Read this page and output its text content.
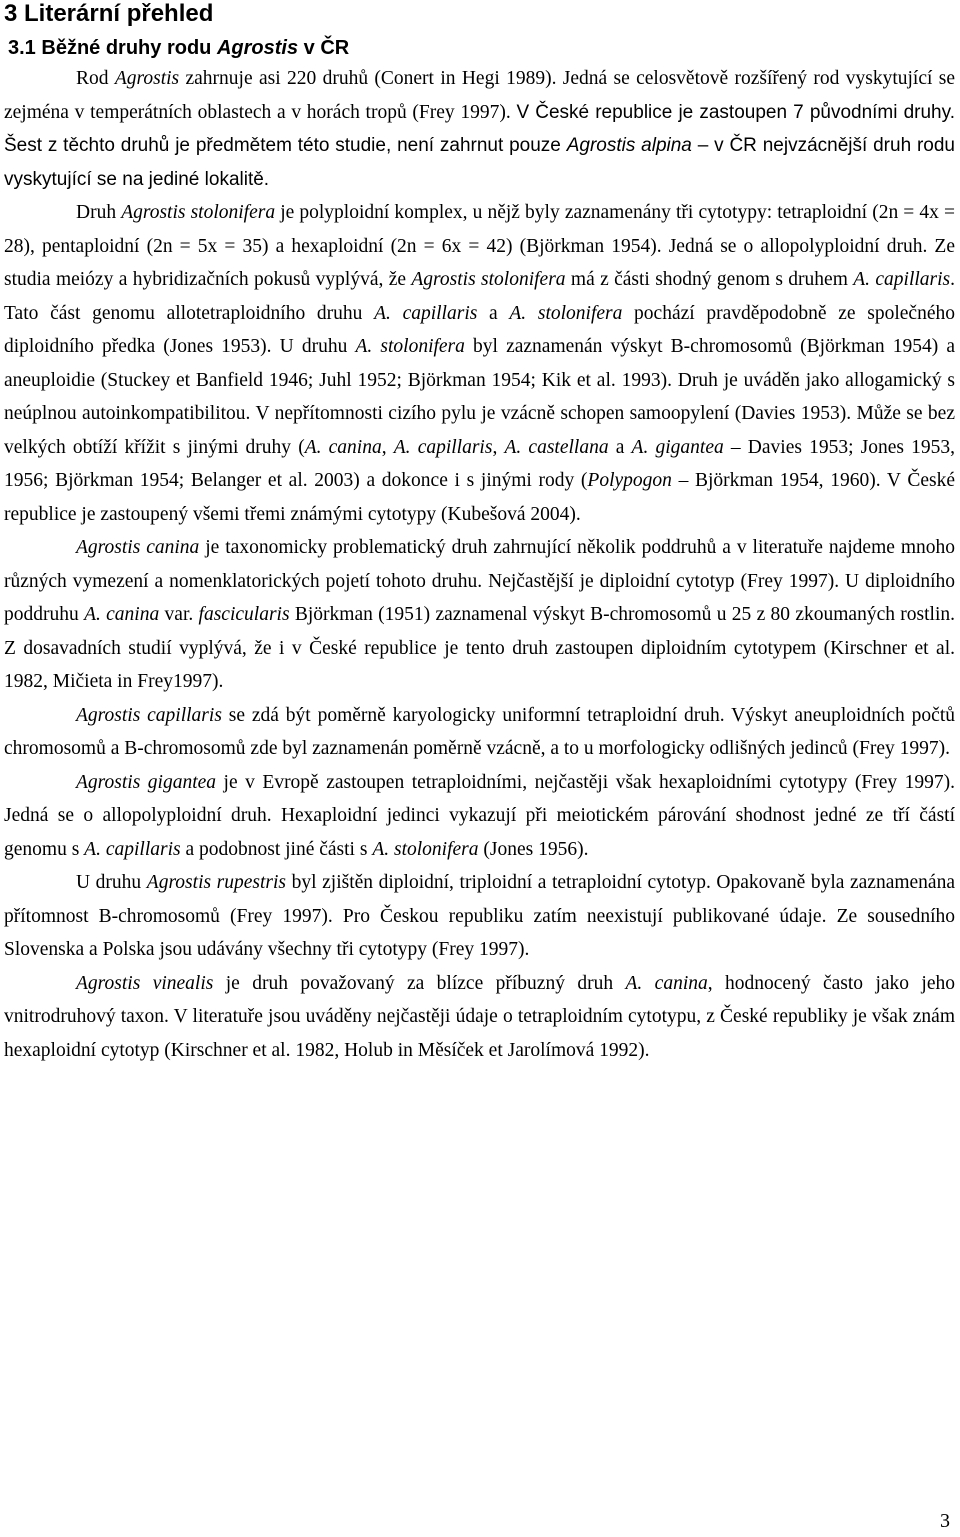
3 Literární přehled
3.1 Běžné druhy rodu Agrostis v ČR

Rod Agrostis zahrnuje asi 220 druhů (Conert in Hegi 1989). Jedná se celosvětově rozšířený rod vyskytující se zejména v temperátních oblastech a v horách tropů (Frey 1997). V České republice je zastoupen 7 původními druhy. Šest z těchto druhů je předmětem této studie, není zahrnut pouze Agrostis alpina – v ČR nejvzácnější druh rodu vyskytující se na jediné lokalitě.

Druh Agrostis stolonifera je polyploidní komplex, u nějž byly zaznamenány tři cytotypy: tetraploidní (2n = 4x = 28), pentaploidní (2n = 5x = 35) a hexaploidní (2n = 6x = 42) (Björkman 1954). Jedná se o allopolyploidní druh. Ze studia meiózy a hybridizačních pokusů vyplývá, že Agrostis stolonifera má z části shodný genom s druhem A. capillaris. Tato část genomu allotetraploidního druhu A. capillaris a A. stolonifera pochází pravděpodobně ze společného diploidního předka (Jones 1953). U druhu A. stolonifera byl zaznamenán výskyt B-chromosomů (Björkman 1954) a aneuploidie (Stuckey et Banfield 1946; Juhl 1952; Björkman 1954; Kik et al. 1993). Druh je uváděn jako allogamický s neúplnou autoinkompatibilitou. V nepřítomnosti cizího pylu je vzácně schopen samoopylení (Davies 1953). Může se bez velkých obtíží křížit s jinými druhy (A. canina, A. capillaris, A. castellana a A. gigantea – Davies 1953; Jones 1953, 1956; Björkman 1954; Belanger et al. 2003) a dokonce i s jinými rody (Polypogon – Björkman 1954, 1960). V České republice je zastoupený všemi třemi známými cytotypy (Kubešová 2004).

Agrostis canina je taxonomicky problematický druh zahrnující několik poddruhů a v literatuře najdeme mnoho různých vymezení a nomenklatorických pojetí tohoto druhu. Nejčastější je diploidní cytotyp (Frey 1997). U diploidního poddruhu A. canina var. fascicularis Björkman (1951) zaznamenal výskyt B-chromosomů u 25 z 80 zkoumaných rostlin. Z dosavadních studií vyplývá, že i v České republice je tento druh zastoupen diploidním cytotypem (Kirschner et al. 1982, Mičieta in Frey1997).

Agrostis capillaris se zdá být poměrně karyologicky uniformní tetraploidní druh. Výskyt aneuploidních počtů chromosomů a B-chromosomů zde byl zaznamenán poměrně vzácně, a to u morfologicky odlišných jedinců (Frey 1997).

Agrostis gigantea je v Evropě zastoupen tetraploidními, nejčastěji však hexaploidními cytotypy (Frey 1997). Jedná se o allopolyploidní druh. Hexaploidní jedinci vykazují při meiotickém párování shodnost jedné ze tří částí genomu s A. capillaris a podobnost jiné části s A. stolonifera (Jones 1956).

U druhu Agrostis rupestris byl zjištěn diploidní, triploidní a tetraploidní cytotyp. Opakovaně byla zaznamenána přítomnost B-chromosomů (Frey 1997). Pro Českou republiku zatím neexistují publikované údaje. Ze sousedního Slovenska a Polska jsou udávány všechny tři cytotypy (Frey 1997).

Agrostis vinealis je druh považovaný za blízce příbuzný druh A. canina, hodnocený často jako jeho vnitrodruhový taxon. V literatuře jsou uváděny nejčastěji údaje o tetraploidním cytotypu, z České republiky je však znám hexaploidní cytotyp (Kirschner et al. 1982, Holub in Měsíček et Jarolímová 1992).

3
